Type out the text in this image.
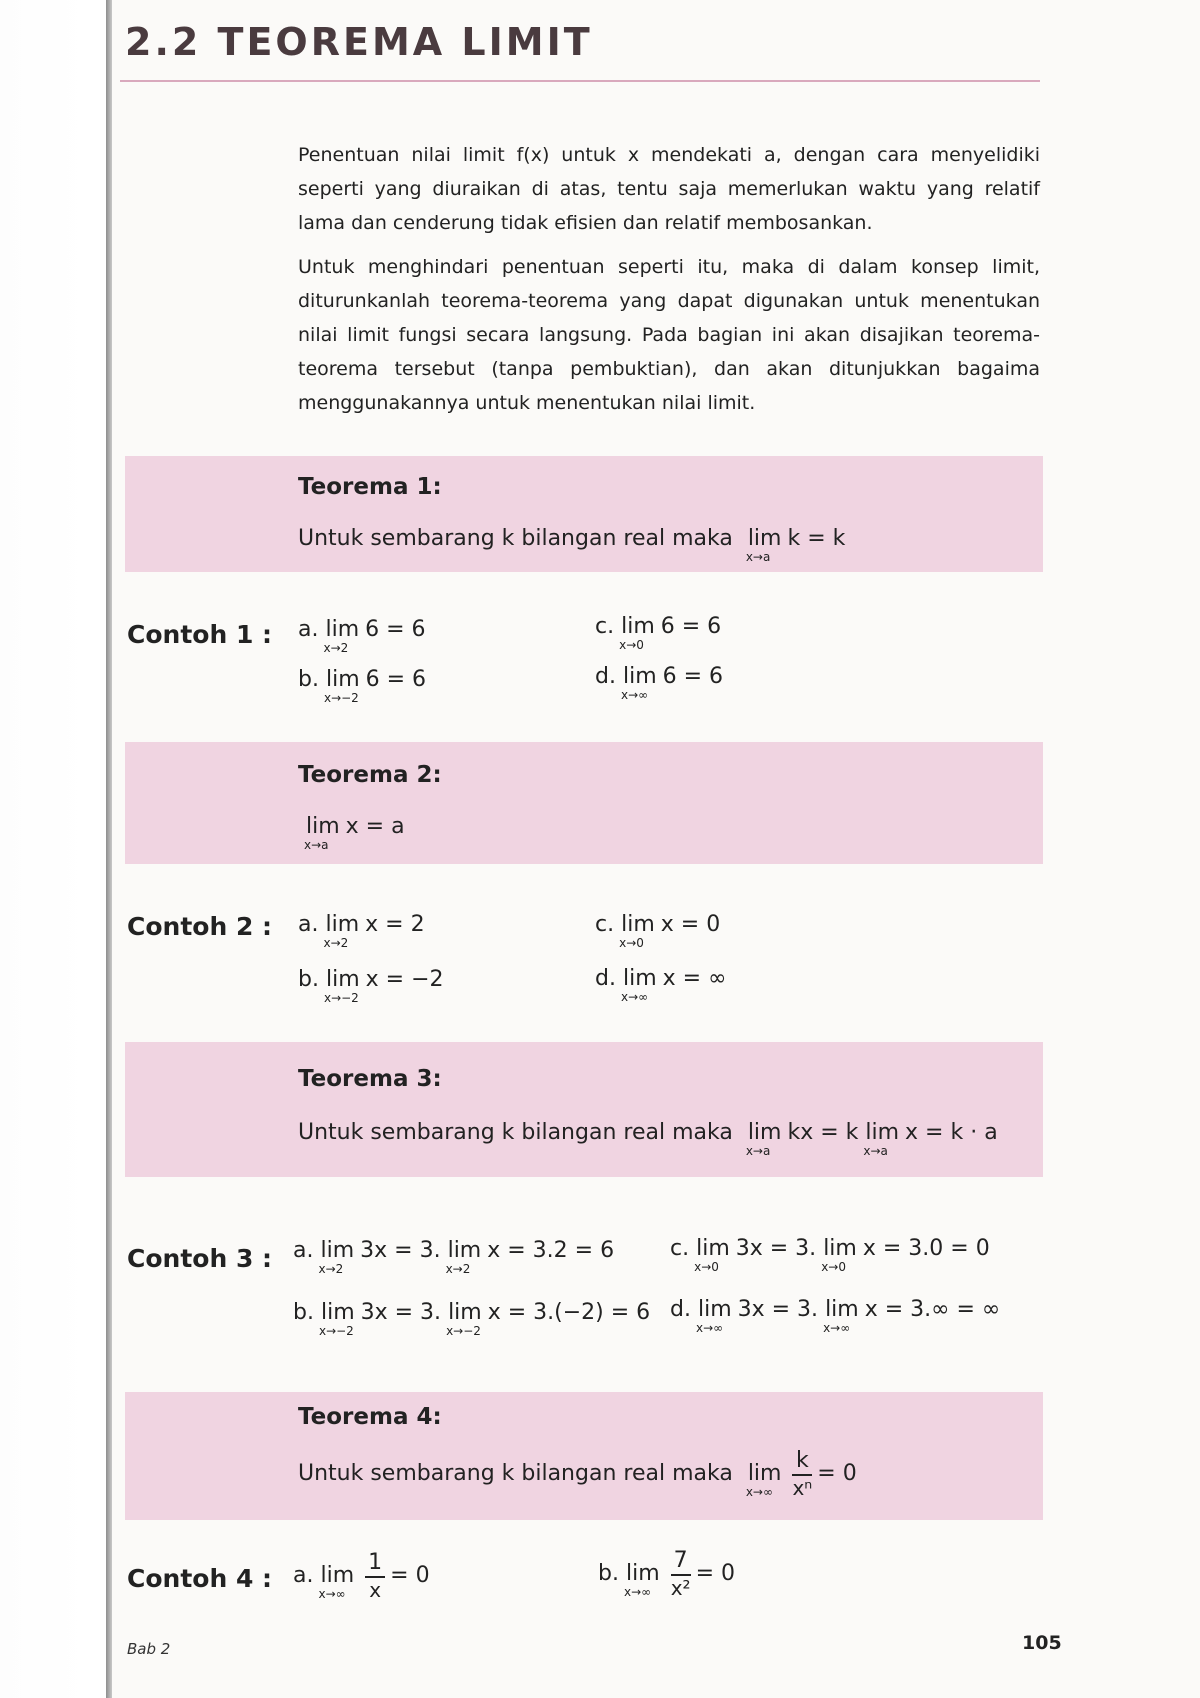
2.2 TEOREMA LIMIT

Penentuan nilai limit f(x) untuk x mendekati a, dengan cara menyelidiki seperti yang diuraikan di atas, tentu saja memerlukan waktu yang relatif lama dan cenderung tidak efisien dan relatif membosankan.

Untuk menghindari penentuan seperti itu, maka di dalam konsep limit, diturunkanlah teorema-teorema yang dapat digunakan untuk menentukan nilai limit fungsi secara langsung. Pada bagian ini akan disajikan teorema-teorema tersebut (tanpa pembuktian), dan akan ditunjukkan bagaima menggunakannya untuk menentukan nilai limit.

Teorema 1:
Untuk sembarang k bilangan real maka lim
x→a
k = k
Contoh 1 : a. lim
x→2
6 = 6
b. lim
x→−2
6 = 6
c. lim
x→0
6 = 6
d. lim
x→∞
6 = 6
Teorema 2:
lim
x→a
x = a
Contoh 2 : a. lim
x→2
x = 2
b. lim
x→−2
x = −2
c. lim
x→0
x = 0
d. lim
x→∞
x = ∞
Teorema 3:
Untuk sembarang k bilangan real maka lim
x→a
kx = k lim
x→a
x = k · a
Contoh 3 : a. lim
x→2
3x = 3. lim
x→2
x = 3.2 = 6
b. lim
x→−2
3x = 3. lim
x→−2
x = 3.(−2) = 6
c. lim
x→0
3x = 3. lim
x→0
x = 3.0 = 0
d. lim
x→∞
3x = 3. lim
x→∞
x = 3.∞ = ∞
Teorema 4:
Untuk sembarang k bilangan real maka lim
$x\to\infty \frac{k}{\text{xⁿ}} = 0$
Contoh 4 : a. lim
$x\to\infty \frac{1}{x} = 0$	b. lim
$x\to\infty \frac{7}{\text{x²}} = 0$
Bab 2	105
